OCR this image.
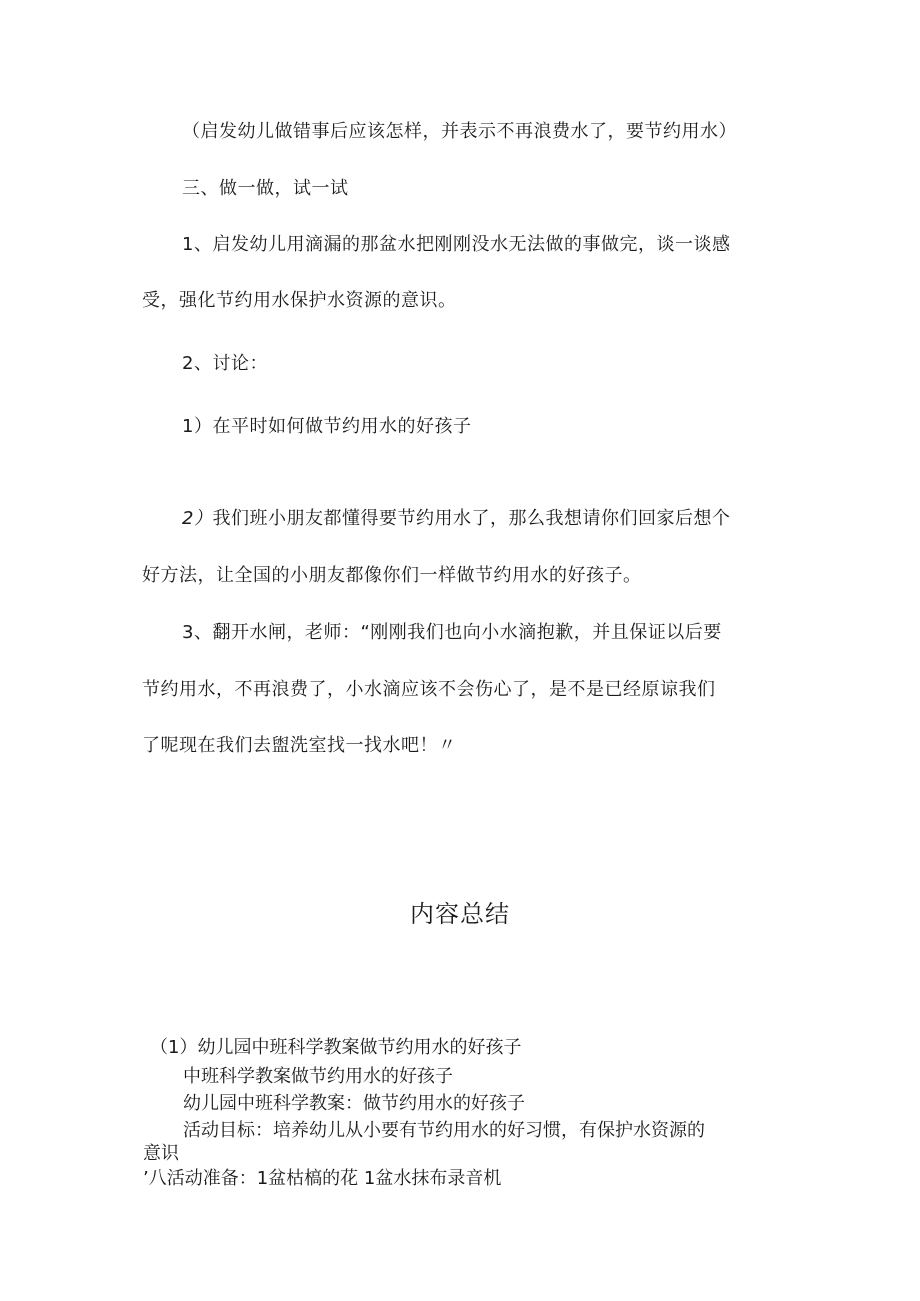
（启发幼儿做错事后应该怎样，并表示不再浪费水了，要节约用水）
三、做一做，试一试
1、启发幼儿用滴漏的那盆水把刚刚没水无法做的事做完，谈一谈感
受，强化节约用水保护水资源的意识。
2、讨论：
1）在平时如何做节约用水的好孩子
2）我们班小朋友都懂得要节约用水了，那么我想请你们回家后想个
好方法，让全国的小朋友都像你们一样做节约用水的好孩子。
3、翻开水闸，老师：“刚刚我们也向小水滴抱歉，并且保证以后要
节约用水，不再浪费了，小水滴应该不会伤心了，是不是已经原谅我们
了呢现在我们去盥洗室找一找水吧！〃
内容总结
（1）幼儿园中班科学教案做节约用水的好孩子
中班科学教案做节约用水的好孩子
幼儿园中班科学教案：做节约用水的好孩子
活动目标：培养幼儿从小要有节约用水的好习惯，有保护水资源的
意识
’八活动准备：1盆枯槁的花 1盆水抹布录音机
